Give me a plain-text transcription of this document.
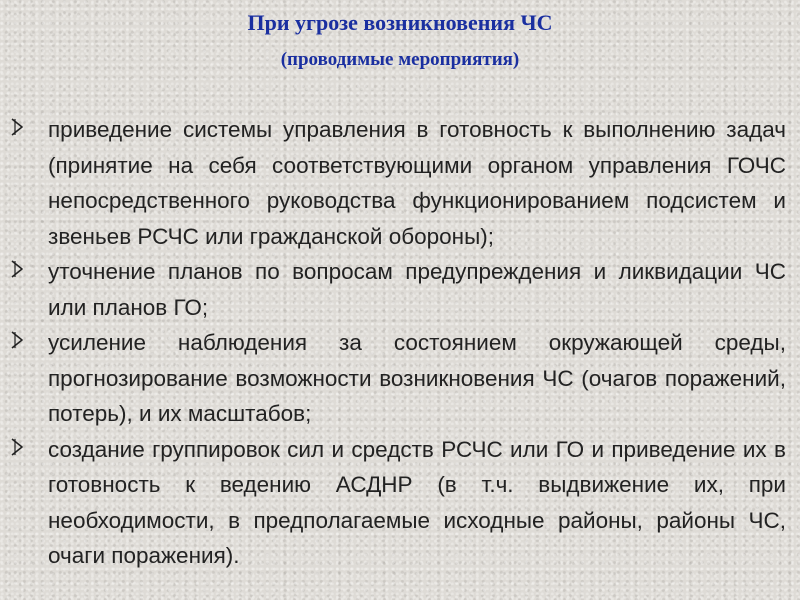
При угрозе возникновения ЧС
(проводимые мероприятия)
приведение системы управления в готовность к выполнению задач (принятие на себя соответствующими органом управления ГОЧС непосредственного руководства функционированием подсистем и звеньев РСЧС или гражданской обороны);
уточнение планов по вопросам предупреждения и ликвидации ЧС или планов ГО;
усиление наблюдения за состоянием окружающей среды, прогнозирование возможности возникновения ЧС (очагов поражений, потерь), и их масштабов;
создание группировок сил и средств РСЧС или ГО и приведение их в готовность к ведению АСДНР (в т.ч. выдвижение их, при необходимости, в предполагаемые исходные районы, районы ЧС, очаги поражения).
